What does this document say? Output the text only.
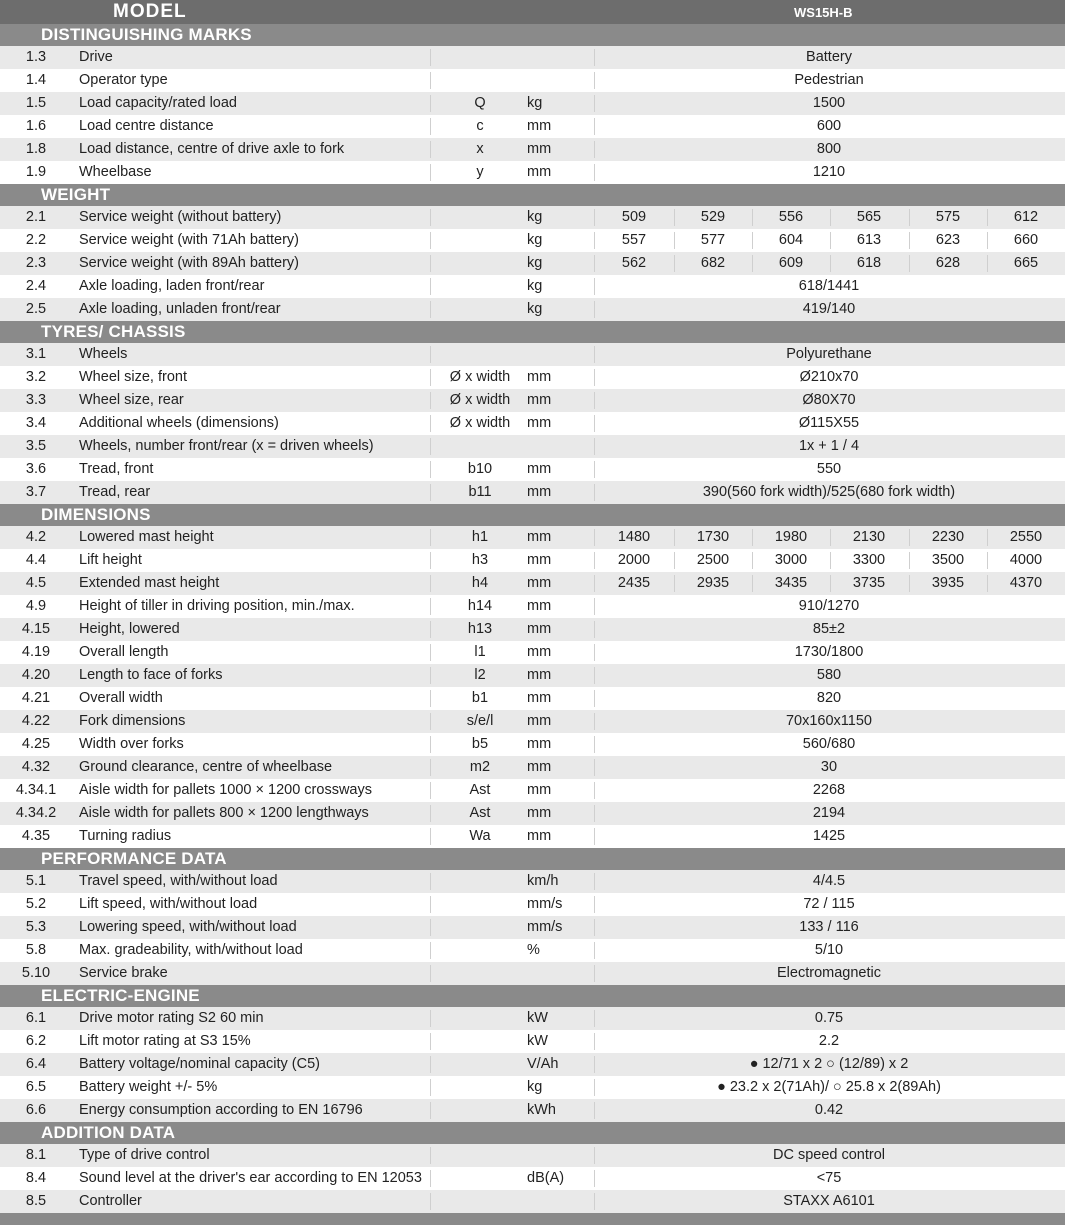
MODEL	WS15H-B
DISTINGUISHING MARKS
1.3	Drive	Battery
1.4	Operator type	Pedestrian
1.5	Load capacity/rated load	Q	kg	1500
1.6	Load centre distance	c	mm	600
1.8	Load distance, centre of drive axle to fork	x	mm	800
1.9	Wheelbase	y	mm	1210
WEIGHT
2.1	Service weight (without battery)	kg	509	529	556	565	575	612
2.2	Service weight (with 71Ah battery)	kg	557	577	604	613	623	660
2.3	Service weight (with 89Ah battery)	kg	562	682	609	618	628	665
2.4	Axle loading, laden front/rear	kg	618/1441
2.5	Axle loading, unladen front/rear	kg	419/140
TYRES/ CHASSIS
3.1	Wheels	Polyurethane
3.2	Wheel size, front	Ø x width	mm	Ø210x70
3.3	Wheel size, rear	Ø x width	mm	Ø80X70
3.4	Additional wheels (dimensions)	Ø x width	mm	Ø115X55
3.5	Wheels, number front/rear (x = driven wheels)	1x + 1 / 4
3.6	Tread, front	b10	mm	550
3.7	Tread, rear	b11	mm	390(560 fork width)/525(680 fork width)
DIMENSIONS
4.2	Lowered mast height	h1	mm	1480	1730	1980	2130	2230	2550
4.4	Lift height	h3	mm	2000	2500	3000	3300	3500	4000
4.5	Extended mast height	h4	mm	2435	2935	3435	3735	3935	4370
4.9	Height of tiller in driving position, min./max.	h14	mm	910/1270
4.15	Height, lowered	h13	mm	85±2
4.19	Overall length	l1	mm	1730/1800
4.20	Length to face of forks	l2	mm	580
4.21	Overall width	b1	mm	820
4.22	Fork dimensions	s/e/l	mm	70x160x1150
4.25	Width over forks	b5	mm	560/680
4.32	Ground clearance, centre of wheelbase	m2	mm	30
4.34.1	Aisle width for pallets 1000 × 1200 crossways	Ast	mm	2268
4.34.2	Aisle width for pallets 800 × 1200 lengthways	Ast	mm	2194
4.35	Turning radius	Wa	mm	1425
PERFORMANCE DATA
5.1	Travel speed, with/without load	km/h	4/4.5
5.2	Lift speed, with/without load	mm/s	72 / 115
5.3	Lowering speed, with/without load	mm/s	133 / 116
5.8	Max. gradeability, with/without load	%	5/10
5.10	Service brake	Electromagnetic
ELECTRIC-ENGINE
6.1	Drive motor rating S2 60 min	kW	0.75
6.2	Lift motor rating at S3 15%	kW	2.2
6.4	Battery voltage/nominal capacity (C5)	V/Ah	● 12/71 x 2 ○ (12/89) x 2
6.5	Battery weight +/- 5%	kg	● 23.2 x 2(71Ah)/ ○ 25.8 x 2(89Ah)
6.6	Energy consumption according to EN 16796	kWh	0.42
ADDITION DATA
8.1	Type of drive control	DC speed control
8.4	Sound level at the driver's ear according to EN 12053	dB(A)	<75
8.5	Controller	STAXX A6101
